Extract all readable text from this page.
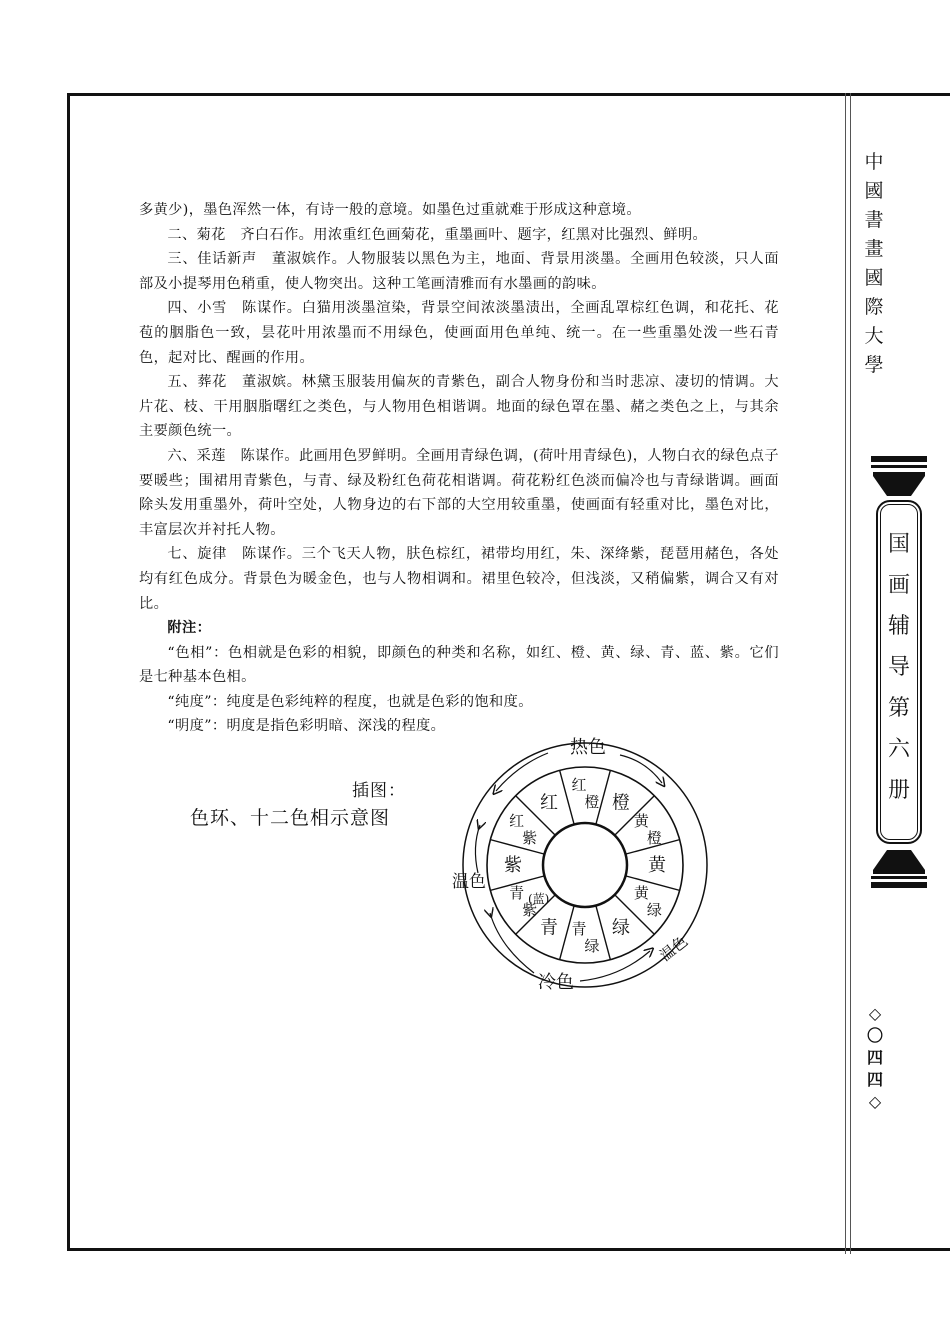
多黄少)，墨色浑然一体，有诗一般的意境。如墨色过重就难于形成这种意境。

二、菊花　齐白石作。用浓重红色画菊花，重墨画叶、题字，红黑对比强烈、鲜明。

三、佳话新声　董淑嫔作。人物服装以黑色为主，地面、背景用淡墨。全画用色较淡，只人面部及小提琴用色稍重，使人物突出。这种工笔画清雅而有水墨画的韵味。

四、小雪　陈谋作。白猫用淡墨渲染，背景空间浓淡墨渍出，全画乱罩棕红色调，和花托、花苞的胭脂色一致，昙花叶用浓墨而不用绿色，使画面用色单纯、统一。在一些重墨处泼一些石青色，起对比、醒画的作用。

五、葬花　董淑嫔。林黛玉服装用偏灰的青紫色，副合人物身份和当时悲凉、凄切的情调。大片花、枝、干用胭脂曙红之类色，与人物用色相谐调。地面的绿色罩在墨、赭之类色之上，与其余主要颜色统一。

六、采莲　陈谋作。此画用色罗鲜明。全画用青绿色调，(荷叶用青绿色)，人物白衣的绿色点子要暖些；围裙用青紫色，与青、绿及粉红色荷花相谐调。荷花粉红色淡而偏冷也与青绿谐调。画面除头发用重墨外，荷叶空处，人物身边的右下部的大空用较重墨，使画面有轻重对比，墨色对比，丰富层次并衬托人物。

七、旋律　陈谋作。三个飞天人物，肤色棕红，裙带均用红，朱、深绛紫，琵琶用赭色，各处均有红色成分。背景色为暖金色，也与人物相调和。裙里色较冷，但浅淡，又稍偏紫，调合又有对比。

附注：

“色相”：色相就是色彩的相貌，即颜色的种类和名称，如红、橙、黄、绿、青、蓝、紫。它们是七种基本色相。

“纯度”：纯度是色彩纯粹的程度，也就是色彩的饱和度。

“明度”：明度是指色彩明暗、深浅的程度。

插图：
色环、十二色相示意图
红
橙 橙
黄
橙
黄
黄
绿
绿
青
绿
青
青
紫
紫
红
紫
红
(蓝)
热色
温色
温色
冷色
中
國
書
畫
國
際
大
學
国
画
辅
导
第
六
册
◇
〇
四
四
◇
